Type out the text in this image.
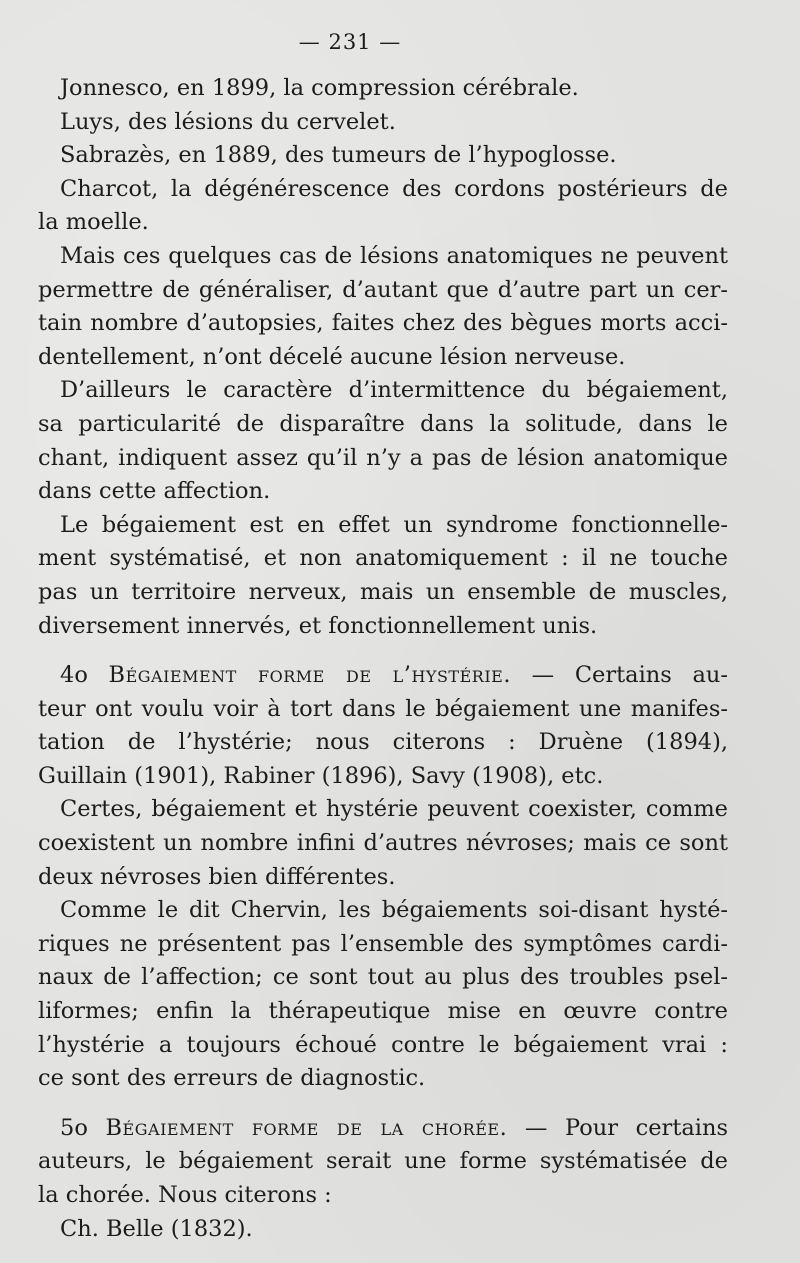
— 231 —

Jonnesco, en 1899, la compression cérébrale.

Luys, des lésions du cervelet.

Sabrazès, en 1889, des tumeurs de l’hypoglosse.

Charcot, la dégénérescence des cordons postérieurs de
la moelle.

Mais ces quelques cas de lésions anatomiques ne peuvent
permettre de généraliser, d’autant que d’autre part un cer-
tain nombre d’autopsies, faites chez des bègues morts acci-
dentellement, n’ont décelé aucune lésion nerveuse.

D’ailleurs le caractère d’intermittence du bégaiement,
sa particularité de disparaître dans la solitude, dans le
chant, indiquent assez qu’il n’y a pas de lésion anatomique
dans cette affection.

Le bégaiement est en effet un syndrome fonctionnelle-
ment systématisé, et non anatomiquement : il ne touche
pas un territoire nerveux, mais un ensemble de muscles,
diversement innervés, et fonctionnellement unis.

4o Bégaiement forme de l’hystérie. — Certains au-
teur ont voulu voir à tort dans le bégaiement une manifes-
tation de l’hystérie; nous citerons : Druène (1894),
Guillain (1901), Rabiner (1896), Savy (1908), etc.

Certes, bégaiement et hystérie peuvent coexister, comme
coexistent un nombre infini d’autres névroses; mais ce sont
deux névroses bien différentes.

Comme le dit Chervin, les bégaiements soi-disant hysté-
riques ne présentent pas l’ensemble des symptômes cardi-
naux de l’affection; ce sont tout au plus des troubles psel-
liformes; enfin la thérapeutique mise en œuvre contre
l’hystérie a toujours échoué contre le bégaiement vrai :
ce sont des erreurs de diagnostic.

5o Bégaiement forme de la chorée. — Pour certains
auteurs, le bégaiement serait une forme systématisée de
la chorée. Nous citerons :

Ch. Belle (1832).
